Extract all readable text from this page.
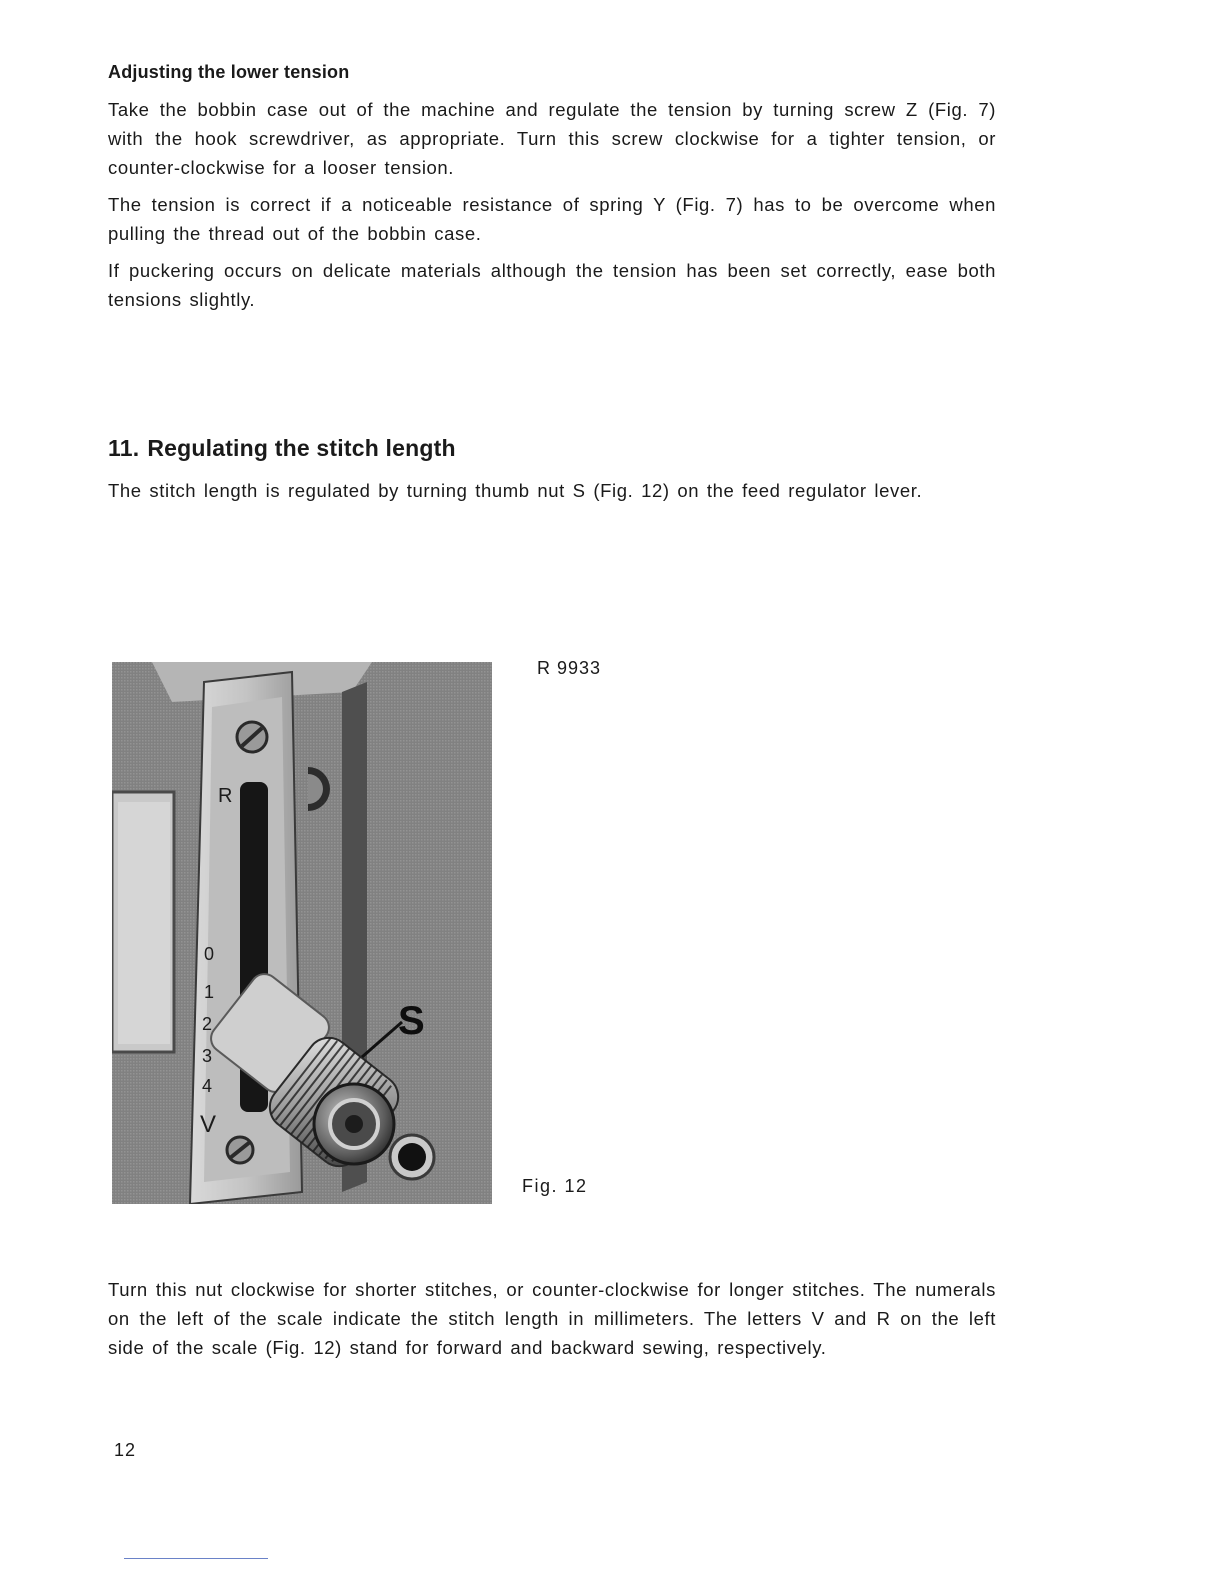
Adjusting the lower tension

Take the bobbin case out of the machine and regulate the tension by turning screw Z (Fig. 7) with the hook screwdriver, as appropriate. Turn this screw clockwise for a tighter tension, or counter-clockwise for a looser tension.

The tension is correct if a noticeable resistance of spring Y (Fig. 7) has to be overcome when pulling the thread out of the bobbin case.

If puckering occurs on delicate materials although the tension has been set correctly, ease both tensions slightly.

11. Regulating the stitch length

The stitch length is regulated by turning thumb nut S (Fig. 12) on the feed regulator lever.

R
0
1
2
3
4
V
S
R 9933
Fig. 12

Turn this nut clockwise for shorter stitches, or counter-clockwise for longer stitches. The numerals on the left of the scale indicate the stitch length in millimeters. The letters V and R on the left side of the scale (Fig. 12) stand for forward and backward sewing, respectively.

12
